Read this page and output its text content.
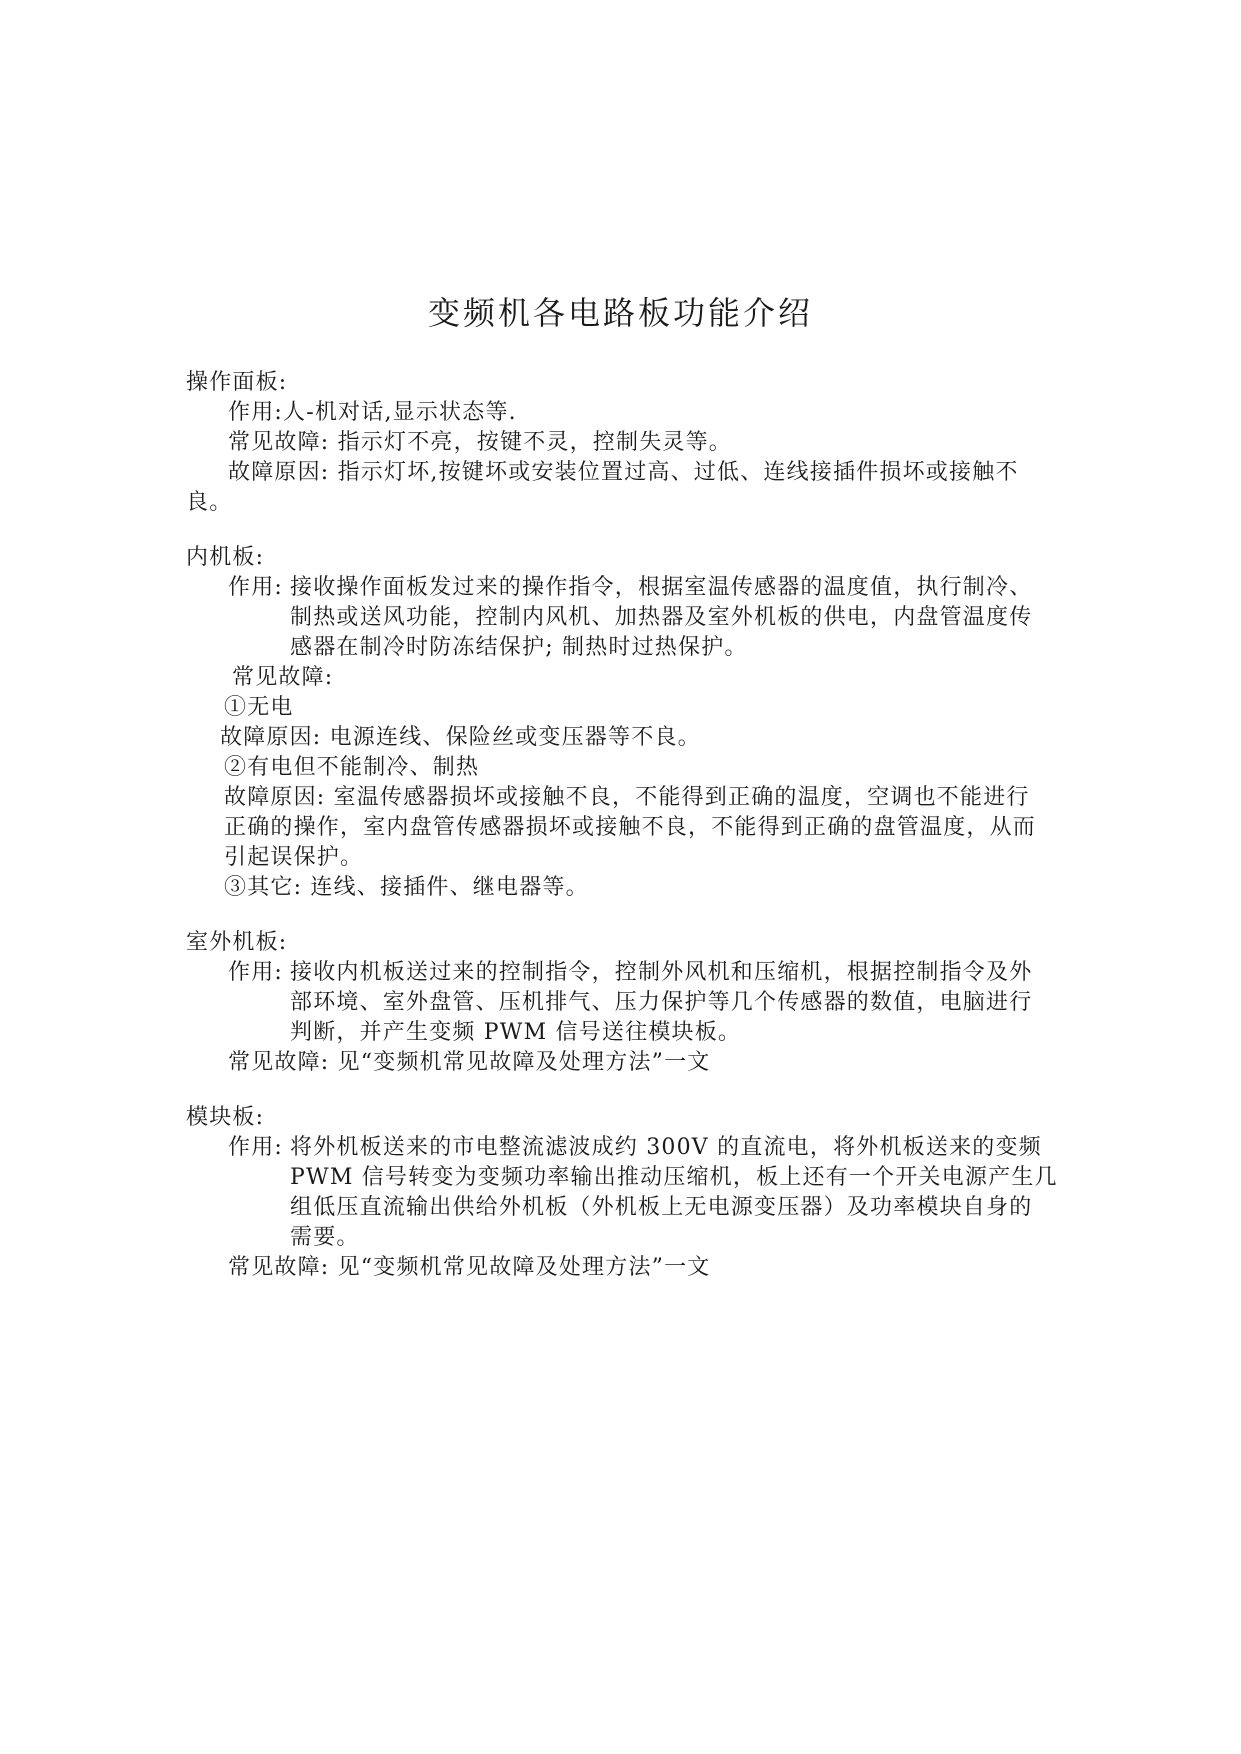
变频机各电路板功能介绍
操作面板:
作用:人-机对话,显示状态等.
常见故障: 指示灯不亮，按键不灵，控制失灵等。
故障原因: 指示灯坏,按键坏或安装位置过高、过低、连线接插件损坏或接触不
良。
内机板:
作用: 接收操作面板发过来的操作指令，根据室温传感器的温度值，执行制冷、
制热或送风功能，控制内风机、加热器及室外机板的供电，内盘管温度传
感器在制冷时防冻结保护; 制热时过热保护。
常见故障:
①无电
故障原因: 电源连线、保险丝或变压器等不良。
②有电但不能制冷、制热
故障原因: 室温传感器损坏或接触不良，不能得到正确的温度，空调也不能进行
正确的操作，室内盘管传感器损坏或接触不良，不能得到正确的盘管温度，从而
引起误保护。
③其它: 连线、接插件、继电器等。
室外机板:
作用: 接收内机板送过来的控制指令，控制外风机和压缩机，根据控制指令及外
部环境、室外盘管、压机排气、压力保护等几个传感器的数值，电脑进行
判断，并产生变频 PWM 信号送往模块板。
常见故障: 见“变频机常见故障及处理方法”一文
模块板:
作用: 将外机板送来的市电整流滤波成约 300V 的直流电，将外机板送来的变频
PWM 信号转变为变频功率输出推动压缩机，板上还有一个开关电源产生几
组低压直流输出供给外机板（外机板上无电源变压器）及功率模块自身的
需要。
常见故障: 见“变频机常见故障及处理方法”一文
